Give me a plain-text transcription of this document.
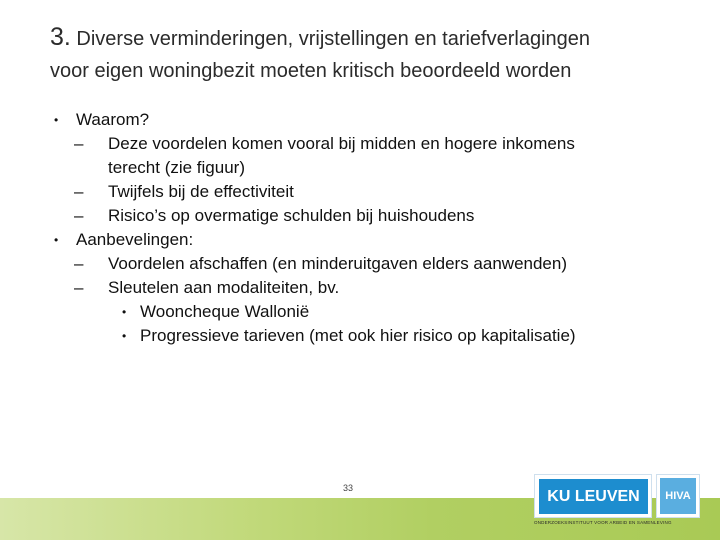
3. Diverse verminderingen, vrijstellingen en tariefverlagingen
voor eigen woningbezit moeten kritisch beoordeeld worden
• Waarom?
– Deze voordelen komen vooral bij midden en hogere inkomens
terecht (zie figuur)
– Twijfels bij de effectiviteit
– Risico’s op overmatige schulden bij huishoudens
• Aanbevelingen:
– Voordelen afschaffen (en minderuitgaven elders aanwenden)
– Sleutelen aan modaliteiten, bv.
• Wooncheque Wallonië
• Progressieve tarieven (met ook hier risico op kapitalisatie)
33	KU LEUVEN	HIVA
ONDERZOEKSINSTITUUT VOOR ARBEID EN SAMENLEVING
